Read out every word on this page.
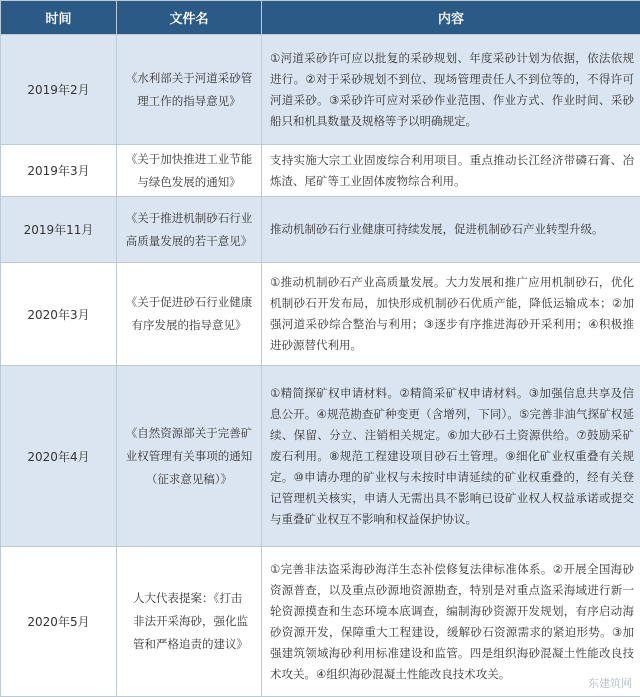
时间	文件名	内容
2019年2月	《水利部关于河道采砂管理工作的指导意见》	①河道采砂许可应以批复的采砂规划、年度采砂计划为依据，依法依规进行。②对于采砂规划不到位、现场管理责任人不到位等的，不得许可河道采砂。③采砂许可应对采砂作业范围、作业方式、作业时间、采砂船只和机具数量及规格等予以明确规定。
2019年3月	《关于加快推进工业节能与绿色发展的通知》	支持实施大宗工业固废综合利用项目。重点推动长江经济带磷石膏、冶炼渣、尾矿等工业固体废物综合利用。
2019年11月	《关于推进机制砂石行业高质量发展的若干意见》	推动机制砂石行业健康可持续发展，促进机制砂石产业转型升级。
2020年3月	《关于促进砂石行业健康有序发展的指导意见》	①推动机制砂石产业高质量发展。大力发展和推广应用机制砂石，优化机制砂石开发布局，加快形成机制砂石优质产能，降低运输成本；②加强河道采砂综合整治与利用；③逐步有序推进海砂开采利用；④积极推进砂源替代利用。
2020年4月	《自然资源部关于完善矿业权管理有关事项的通知（征求意见稿）》	①精简探矿权申请材料。②精简采矿权申请材料。③加强信息共享及信息公开。④规范勘查矿种变更（含增列，下同）。⑤完善非油气探矿权延续、保留、分立、注销相关规定。⑥加大砂石土资源供给。⑦鼓励采矿废石利用。⑧规范工程建设项目砂石土管理。⑨细化矿业权重叠有关规定。⑩申请办理的矿业权与未按时申请延续的矿业权重叠的，经有关登记管理机关核实，申请人无需出具不影响已设矿业权人权益承诺或提交与重叠矿业权互不影响和权益保护协议。
2020年5月	人大代表提案：《打击非法开采海砂，强化监管和严格追责的建议》	①完善非法盗采海砂海洋生态补偿修复法律标准体系。②开展全国海砂资源普查，以及重点砂源地资源勘查，特别是对重点盗采海域进行新一轮资源摸查和生态环境本底调查，编制海砂资源开发规划，有序启动海砂资源开发，保障重大工程建设，缓解砂石资源需求的紧迫形势。③加强建筑领域海砂利用标准建设和监管。四是组织海砂混凝土性能改良技术攻关。④组织海砂混凝土性能改良技术攻关。
东建筑网
